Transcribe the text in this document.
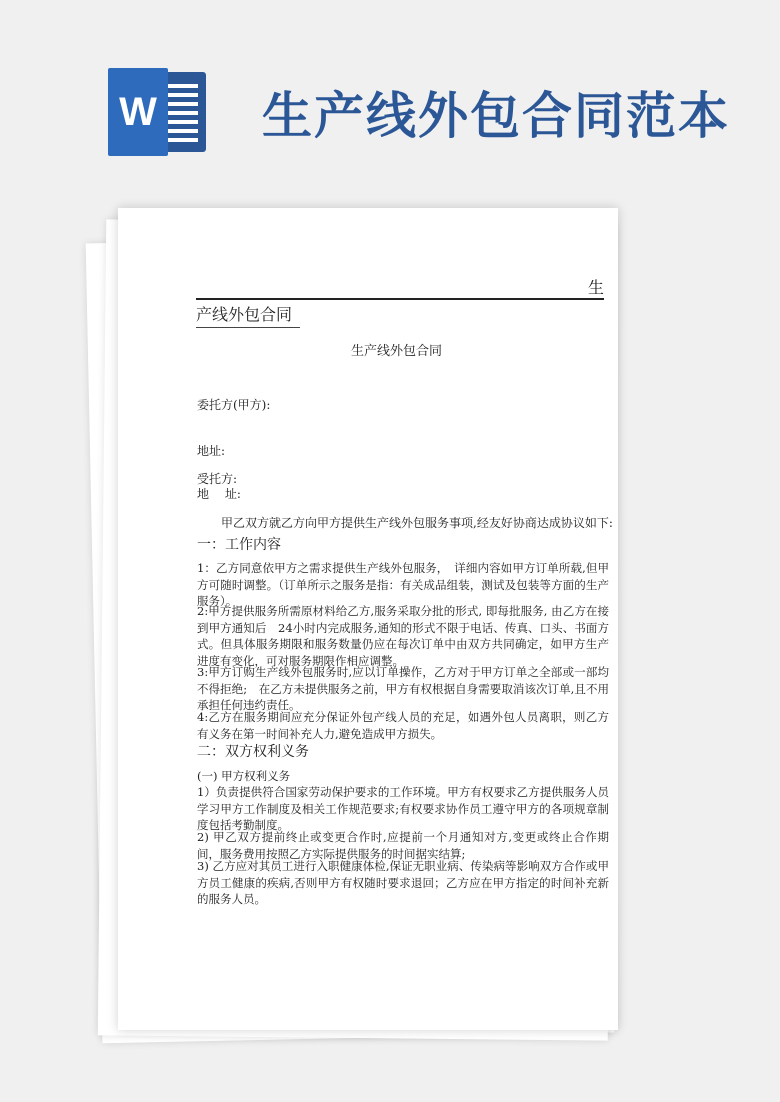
W 生产线外包合同范本
生
产线外包合同
生产线外包合同
委托方(甲方):
地址:
受托方:
地　 址:
甲乙双方就乙方向甲方提供生产线外包服务事项,经友好协商达成协议如下:
一：工作内容

1：乙方同意依甲方之需求提供生产线外包服务，　详细内容如甲方订单所载,但甲方可随时调整。（订单所示之服务是指：有关成品组装，测试及包装等方面的生产服务）。

2:甲方提供服务所需原材料给乙方,服务采取分批的形式, 即每批服务, 由乙方在接到甲方通知后　24小时内完成服务,通知的形式不限于电话、传真、口头、书面方式。但具体服务期限和服务数量仍应在每次订单中由双方共同确定，如甲方生产进度有变化，可对服务期限作相应调整。

3:甲方订购生产线外包服务时,应以订单操作，乙方对于甲方订单之全部或一部均不得拒绝;　在乙方未提供服务之前，甲方有权根据自身需要取消该次订单,且不用承担任何违约责任。

4:乙方在服务期间应充分保证外包产线人员的充足，如遇外包人员离职，则乙方有义务在第一时间补充人力,避免造成甲方损失。

二：双方权利义务
(一) 甲方权利义务

1）负责提供符合国家劳动保护要求的工作环境。甲方有权要求乙方提供服务人员学习甲方工作制度及相关工作规范要求;有权要求协作员工遵守甲方的各项规章制度包括考勤制度。

2) 甲乙双方提前终止或变更合作时,应提前一个月通知对方,变更或终止合作期间，服务费用按照乙方实际提供服务的时间据实结算;

3) 乙方应对其员工进行入职健康体检,保证无职业病、传染病等影响双方合作或甲方员工健康的疾病,否则甲方有权随时要求退回；乙方应在甲方指定的时间补充新的服务人员。
